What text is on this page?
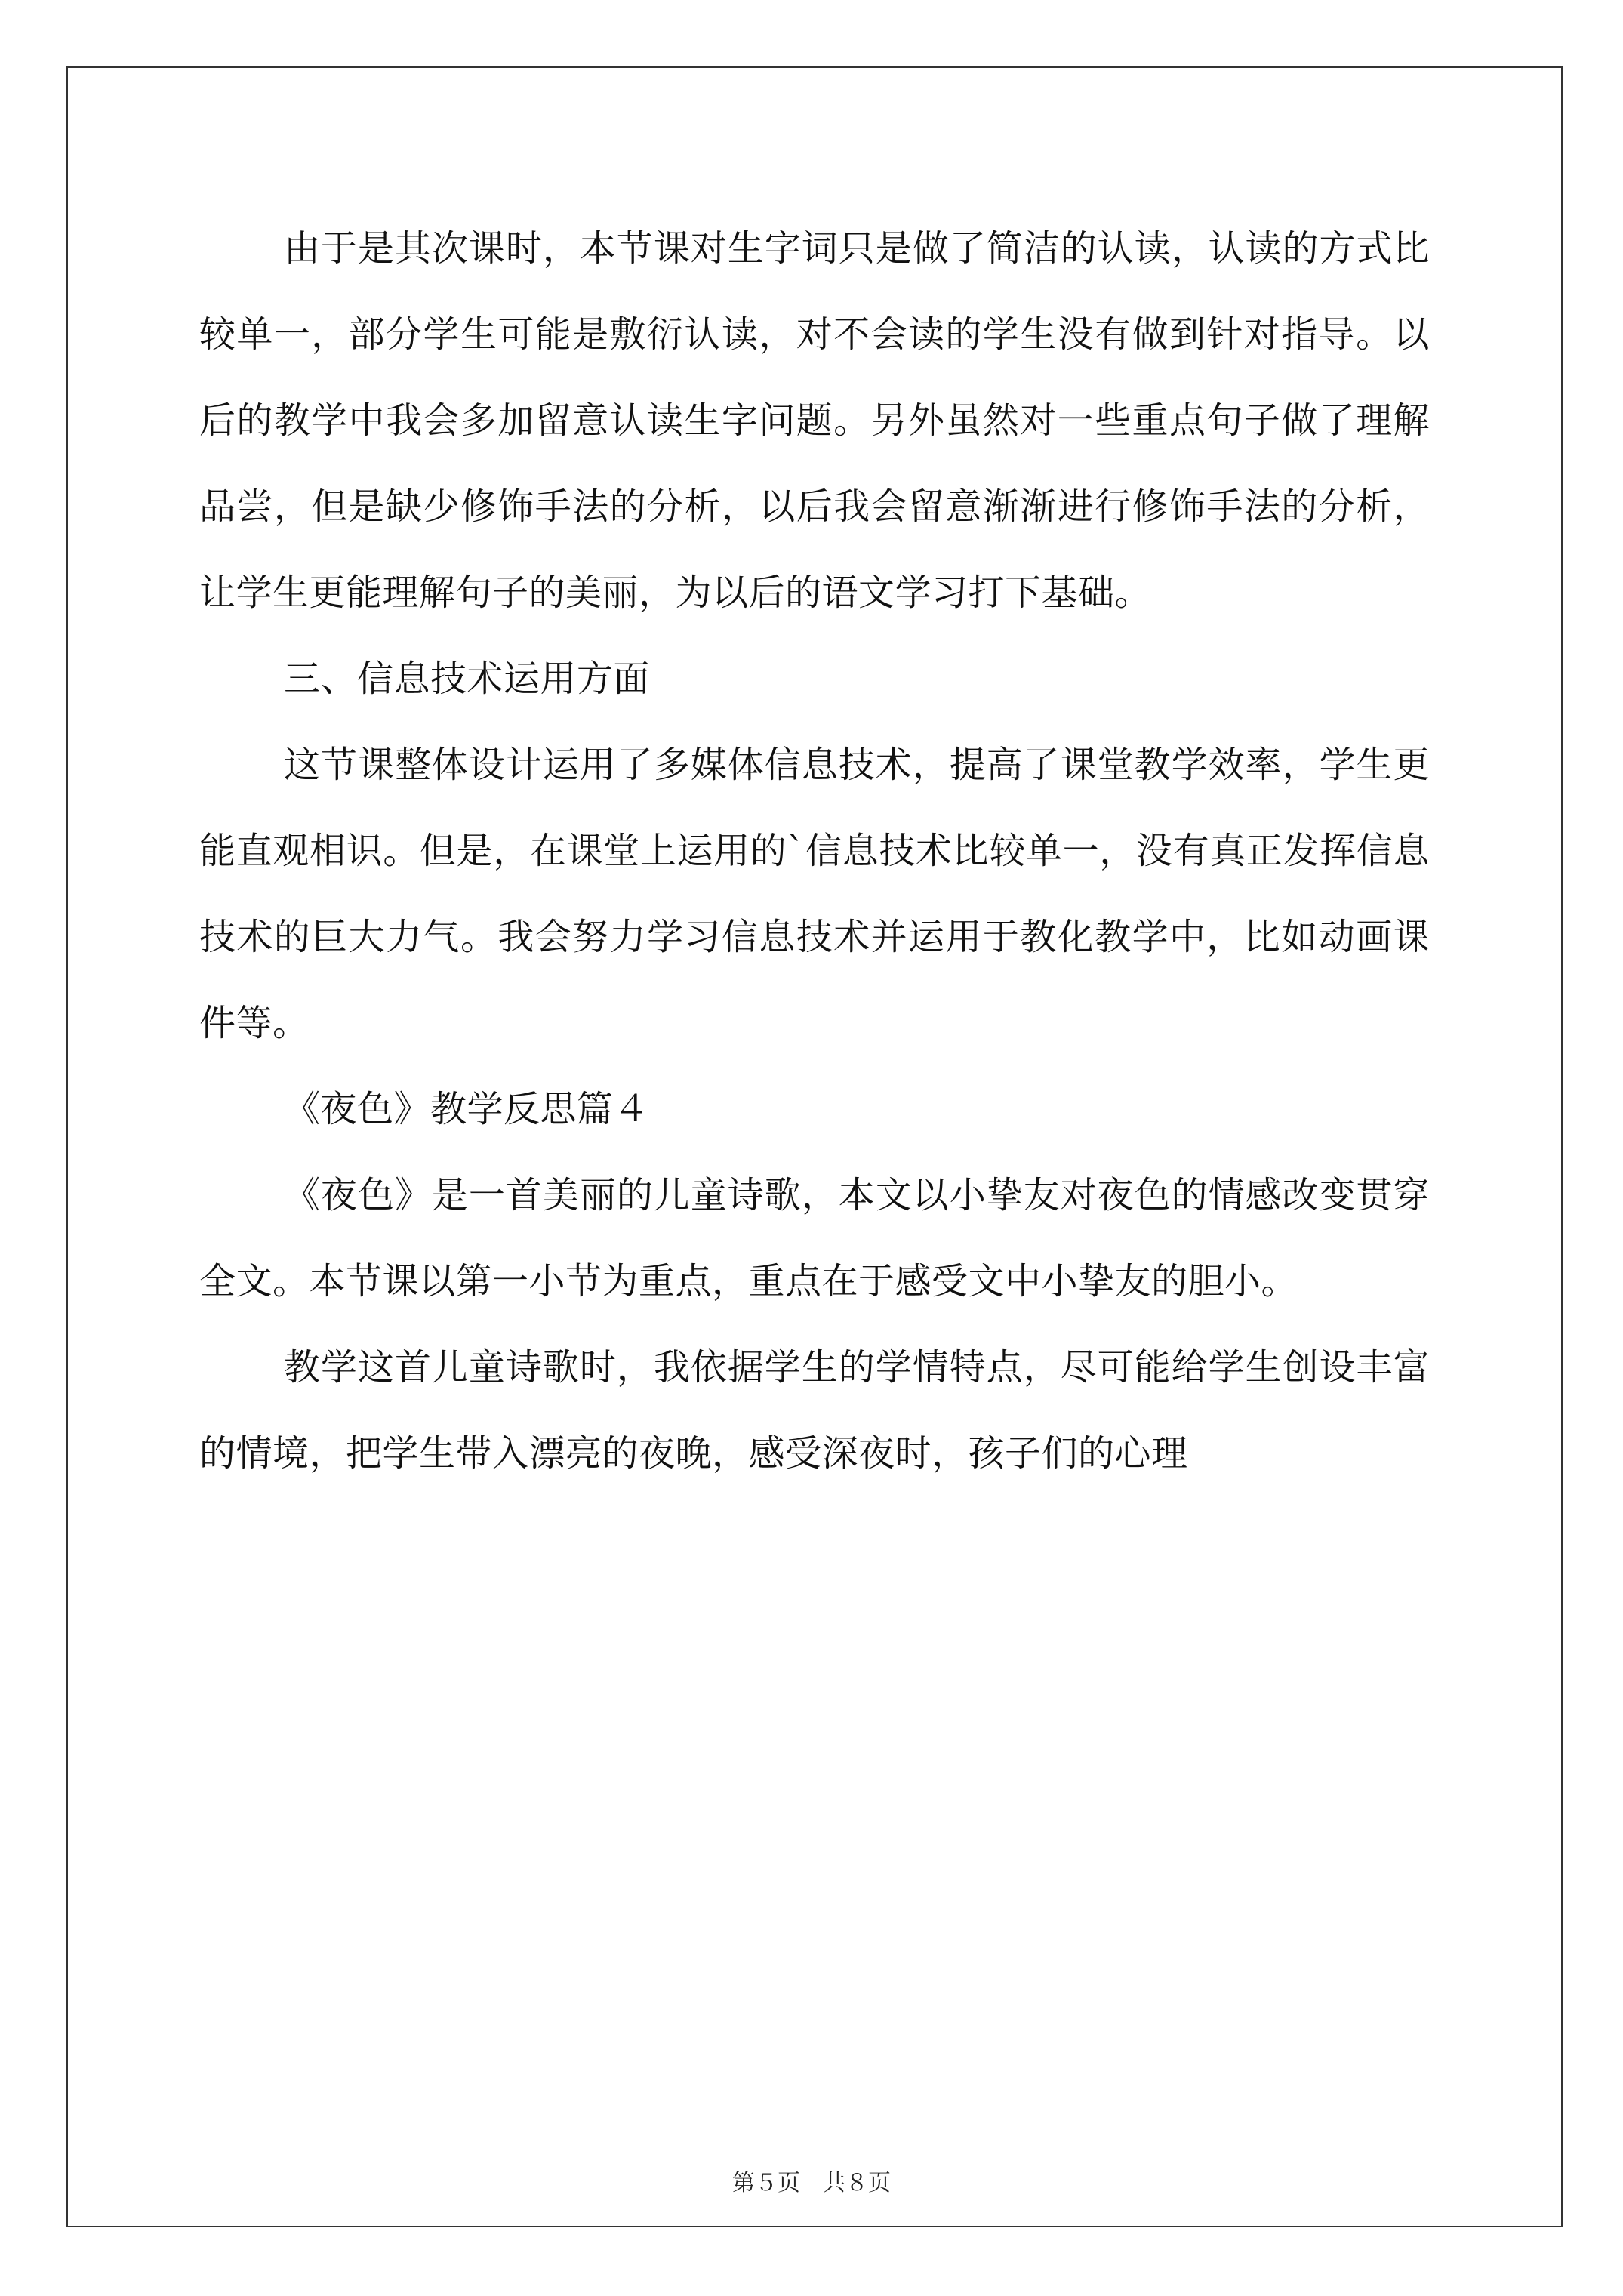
由于是其次课时，本节课对生字词只是做了简洁的认读，认读的方式比较单一，部分学生可能是敷衍认读，对不会读的学生没有做到针对指导。以后的教学中我会多加留意认读生字问题。另外虽然对一些重点句子做了理解品尝，但是缺少修饰手法的分析，以后我会留意渐渐进行修饰手法的分析，让学生更能理解句子的美丽，为以后的语文学习打下基础。

三、信息技术运用方面

这节课整体设计运用了多媒体信息技术，提高了课堂教学效率，学生更能直观相识。但是，在课堂上运用的`信息技术比较单一，没有真正发挥信息技术的巨大力气。我会努力学习信息技术并运用于教化教学中，比如动画课件等。

《夜色》教学反思篇４

《夜色》是一首美丽的儿童诗歌，本文以小挚友对夜色的情感改变贯穿全文。本节课以第一小节为重点，重点在于感受文中小挚友的胆小。

教学这首儿童诗歌时，我依据学生的学情特点，尽可能给学生创设丰富的情境，把学生带入漂亮的夜晚，感受深夜时，孩子们的心理

第５页　共８页
